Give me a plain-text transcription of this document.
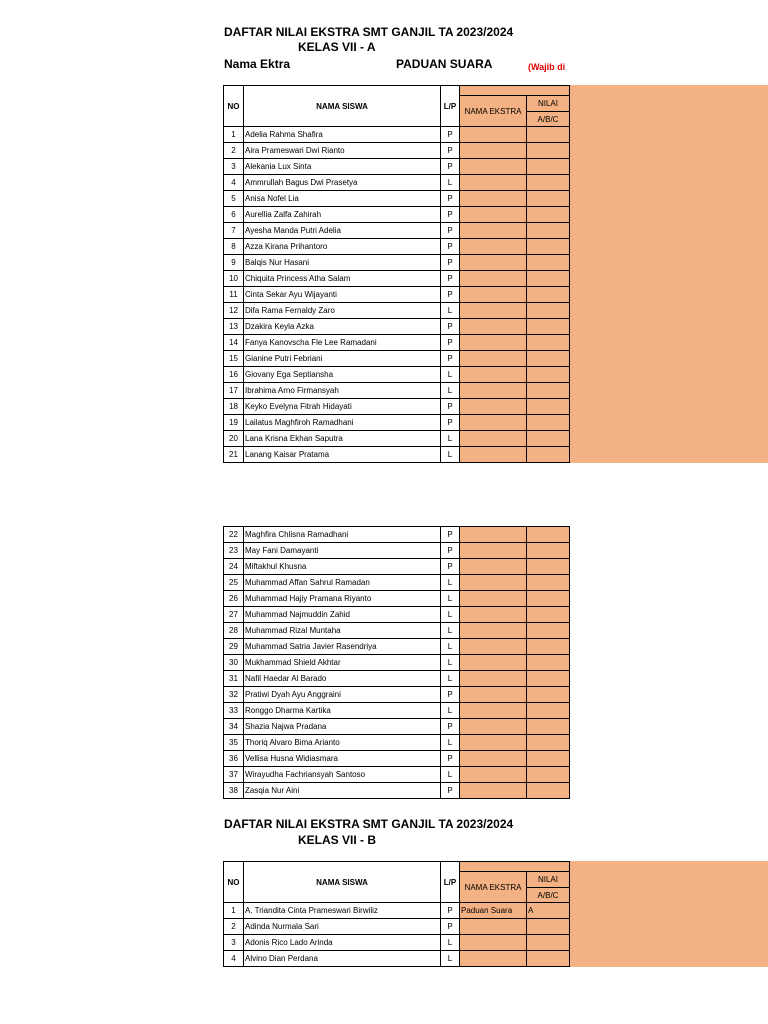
DAFTAR NILAI EKSTRA SMT GANJIL TA 2023/2024
KELAS VII - A
Nama Ektra	PADUAN SUARA	(Wajib di
NO	NAMA SISWA	L/P		
			NAMA EKSTRA	NILAI
				A/B/C
1	Adelia Rahma Shafira	P		
2	Aira Prameswari Dwi Rianto	P		
3	Alekania Lux Sinta	P		
4	Ammrullah Bagus Dwi Prasetya	L		
5	Anisa Nofel Lia	P		
6	Aurellia Zalfa Zahirah	P		
7	Ayesha Manda Putri Adelia	P		
8	Azza Kirana Prihantoro	P		
9	Balqis Nur Hasani	P		
10	Chiquita Princess Atha Salam	P		
11	Cinta Sekar Ayu Wijayanti	P		
12	Difa Rama Fernaldy Zaro	L		
13	Dzakira Keyla Azka	P		
14	Fanya Kanovscha Fle Lee Ramadani	P		
15	Gianine Putri Febriani	P		
16	Giovany Ega Septiansha	L		
17	Ibrahima Arno Firmansyah	L		
18	Keyko Evelyna Fitrah Hidayati	P		
19	Lailatus Maghfiroh Ramadhani	P		
20	Lana Krisna Ekhan Saputra	L		
21	Lanang Kaisar Pratama	L		
22	Maghfira Chlisna Ramadhani	P		
23	May Fani Damayanti	P		
24	Miftakhul Khusna	P		
25	Muhammad Affan Sahrul Ramadan	L		
26	Muhammad Hajiy Pramana Riyanto	L		
27	Muhammad Najmuddin Zahid	L		
28	Muhammad Rizal Muntaha	L		
29	Muhammad Satria Javier Rasendriya	L		
30	Mukhammad Shield Akhtar	L		
31	Nafil Haedar Al Barado	L		
32	Pratiwi Dyah Ayu Anggraini	P		
33	Ronggo Dharma Kartika	L		
34	Shazia Najwa Pradana	P		
35	Thoriq Alvaro Bima Arianto	L		
36	Vellisa Husna Widiasmara	P		
37	Wirayudha Fachriansyah Santoso	L		
38	Zasqia Nur Aini	P		
DAFTAR NILAI EKSTRA SMT GANJIL TA 2023/2024
KELAS VII - B
NO	NAMA SISWA	L/P		
			NAMA EKSTRA	NILAI
				A/B/C
1	A. Triandita Cinta Prameswari Birwiliz	P	Paduan Suara	A
2	Adinda Nurmala Sari	P		
3	Adonis Rico Lado Arinda	L		
4	Alvino Dian Perdana	L		
